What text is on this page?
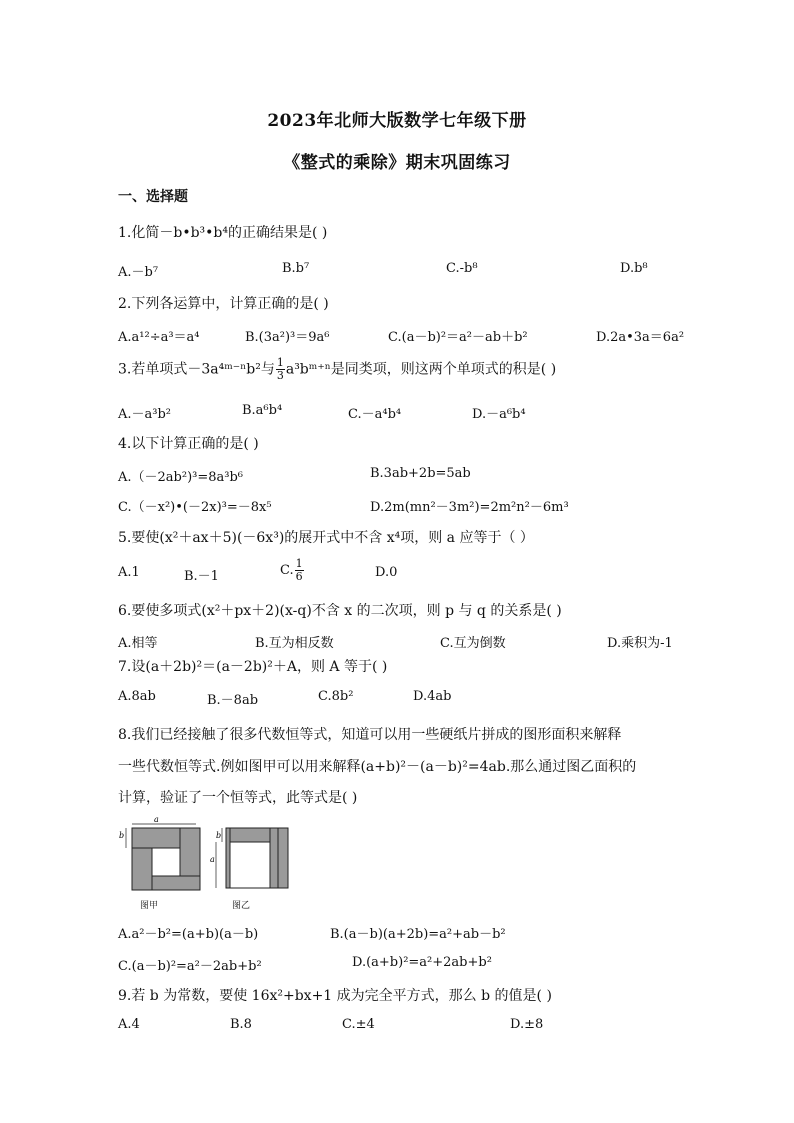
2023年北师大版数学七年级下册
《整式的乘除》期末巩固练习
一、选择题
1.化简－b•b³•b⁴的正确结果是( )
A.－b⁷	B.b⁷	C.-b⁸	D.b⁸
2.下列各运算中，计算正确的是( )
A.a¹²÷a³＝a⁴	B.(3a²)³＝9a⁶	C.(a－b)²＝a²－ab＋b²	D.2a•3a＝6a²
3.若单项式－3a⁴ᵐ⁻ⁿb²与 $\frac{1}{3}$ a³bᵐ⁺ⁿ是同类项，则这两个单项式的积是( )
A.－a³b²	B.a⁶b⁴	C.－a⁴b⁴	D.－a⁶b⁴
4.以下计算正确的是( )
A.（－2ab²)³=8a³b⁶	B.3ab+2b=5ab
C.（－x²)•(－2x)³=－8x⁵	D.2m(mn²－3m²)=2m²n²－6m³
5.要使(x²＋ax＋5)(－6x³)的展开式中不含 x⁴项，则 a 应等于（ ）
A.1	B.－1	C. $\frac{1}{6}$	D.0
6.要使多项式(x²＋px＋2)(x-q)不含 x 的二次项，则 p 与 q 的关系是( )
A.相等	B.互为相反数	C.互为倒数	D.乘积为-1
7.设(a＋2b)²＝(a－2b)²＋A，则 A 等于( )
A.8ab	B.－8ab	C.8b²	D.4ab
8.我们已经接触了很多代数恒等式，知道可以用一些硬纸片拼成的图形面积来解释
一些代数恒等式.例如图甲可以用来解释(a+b)²－(a－b)²=4ab.那么通过图乙面积的
计算，验证了一个恒等式，此等式是( )
a
b
图甲
b
a
图乙
A.a²－b²=(a+b)(a－b)	B.(a－b)(a+2b)=a²+ab－b²
C.(a－b)²=a²－2ab+b²	D.(a+b)²=a²+2ab+b²
9.若 b 为常数，要使 16x²+bx+1 成为完全平方式，那么 b 的值是( )
A.4	B.8	C.±4	D.±8
